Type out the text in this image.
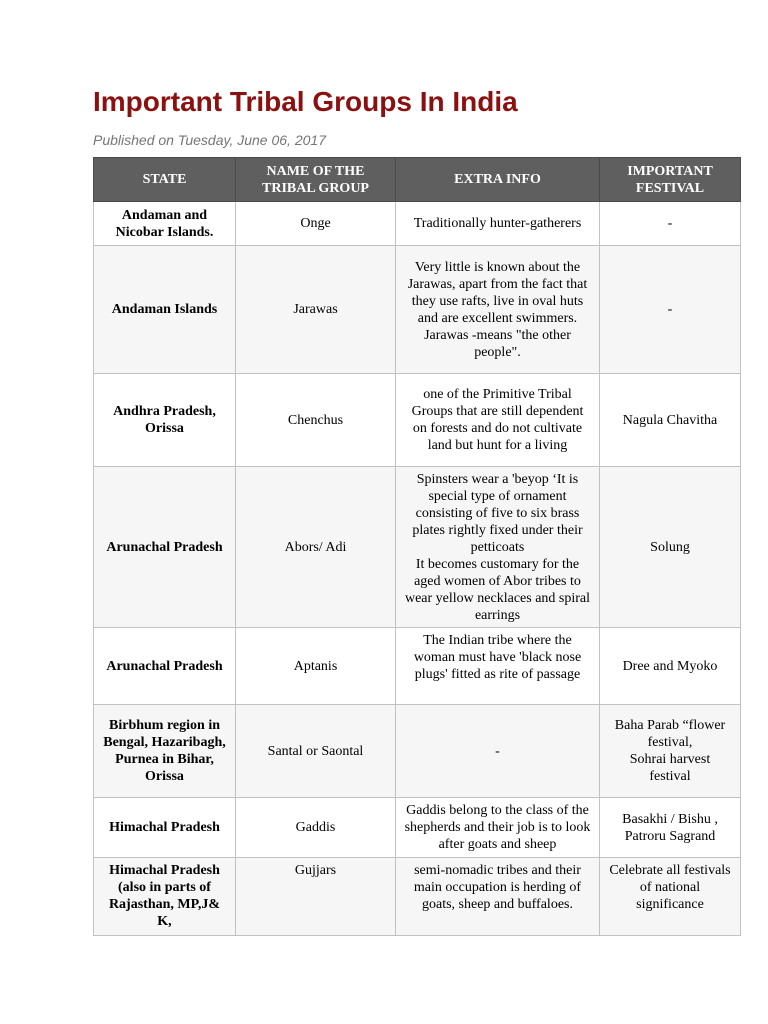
Important Tribal Groups In India
Published on Tuesday, June 06, 2017
STATE	NAME OF THE TRIBAL GROUP	EXTRA INFO	IMPORTANT FESTIVAL
Andaman and Nicobar Islands.	Onge	Traditionally hunter-gatherers	-

Andaman Islands	Jarawas	Very little is known about the Jarawas, apart from the fact that they use rafts, live in oval huts and are excellent swimmers.
Jarawas -means "the other people".	-

Andhra Pradesh, Orissa	Chenchus	one of the Primitive Tribal Groups that are still dependent on forests and do not cultivate land but hunt for a living	Nagula Chavitha

Arunachal Pradesh	Abors/ Adi	Spinsters wear a 'beyop ‘It is special type of ornament consisting of five to six brass plates rightly fixed under their petticoats
It becomes customary for the aged women of Abor tribes to wear yellow necklaces and spiral earrings	Solung

Arunachal Pradesh	Aptanis	The Indian tribe where the woman must have 'black nose plugs' fitted as rite of passage	Dree and Myoko

Birbhum region in Bengal, Hazaribagh, Purnea in Bihar, Orissa	Santal or Saontal	-	Baha Parab “flower festival,
Sohrai harvest festival

Himachal Pradesh	Gaddis	Gaddis belong to the class of the shepherds and their job is to look after goats and sheep	Basakhi / Bishu ,
Patroru Sagrand

Himachal Pradesh (also in parts of Rajasthan, MP,J& K,	Gujjars	semi-nomadic tribes and their main occupation is herding of goats, sheep and buffaloes.	Celebrate all festivals of national significance
